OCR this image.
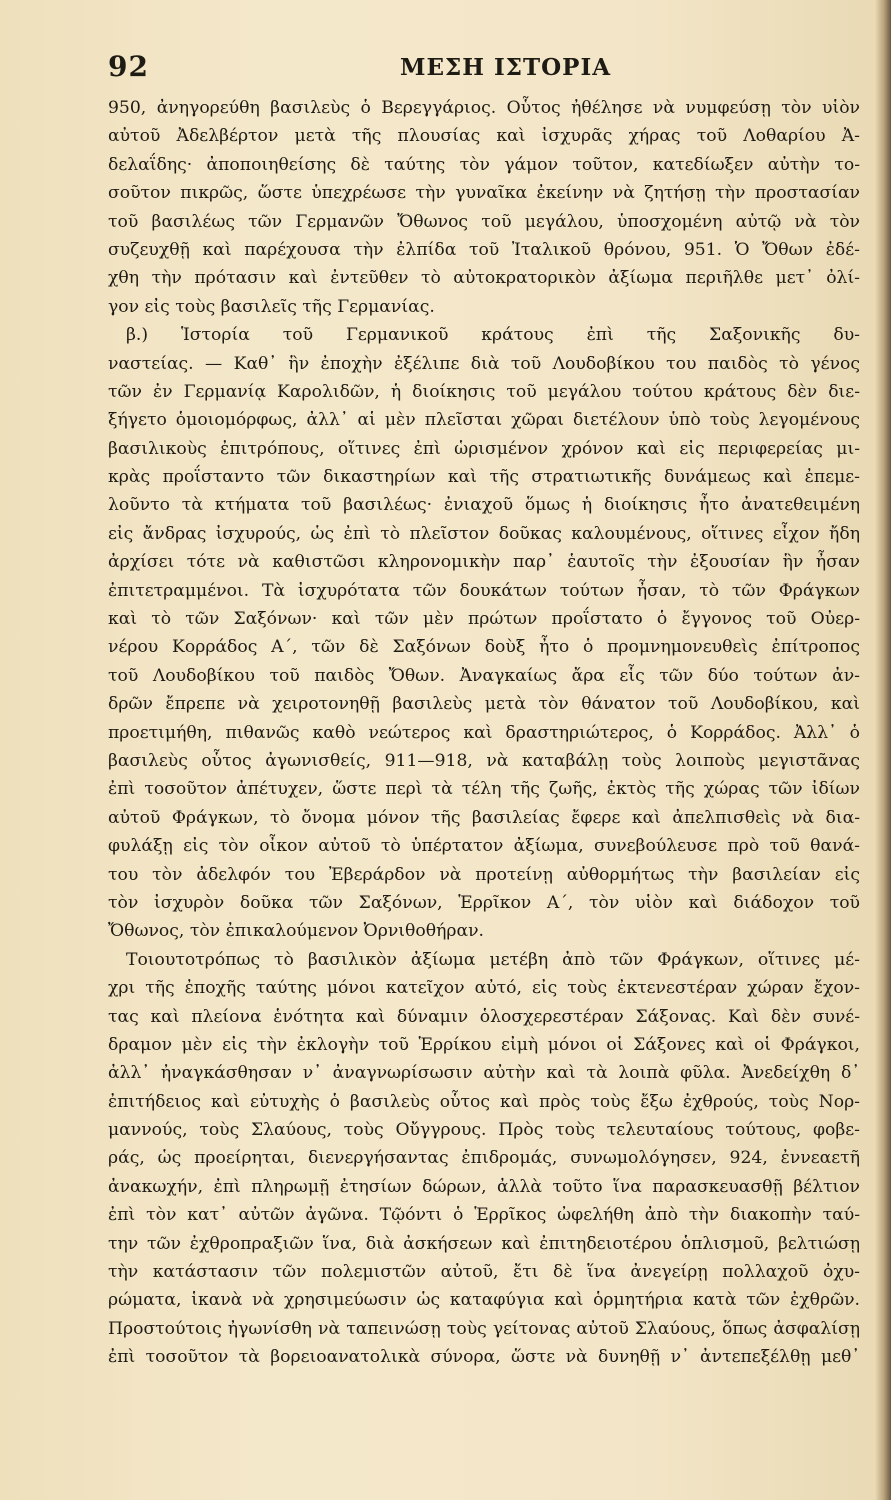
92	ΜΕΣΗ ΙΣΤΟΡΙΑ
950, ἀνηγορεύθη βασιλεὺς ὁ Βερεγγάριος. Οὗτος ἠθέλησε νὰ νυμφεύσῃ τὸν υἱὸν
αὐτοῦ Ἀδελβέρτον μετὰ τῆς πλουσίας καὶ ἰσχυρᾶς χήρας τοῦ Λοθαρίου Ἀ-
δελαΐδης· ἀποποιηθείσης δὲ ταύτης τὸν γάμον τοῦτον, κατεδίωξεν αὐτὴν το-
σοῦτον πικρῶς, ὥστε ὑπεχρέωσε τὴν γυναῖκα ἐκείνην νὰ ζητήσῃ τὴν προστασίαν
τοῦ βασιλέως τῶν Γερμανῶν Ὄθωνος τοῦ μεγάλου, ὑποσχομένη αὐτῷ νὰ τὸν
συζευχθῇ καὶ παρέχουσα τὴν ἐλπίδα τοῦ Ἰταλικοῦ θρόνου, 951. Ὁ Ὄθων ἐδέ-
χθη τὴν πρότασιν καὶ ἐντεῦθεν τὸ αὐτοκρατορικὸν ἀξίωμα περιῆλθε μετ᾽ ὀλί-
γον εἰς τοὺς βασιλεῖς τῆς Γερμανίας.
β.) Ἱστορία τοῦ Γερμανικοῦ κράτους ἐπὶ τῆς Σαξονικῆς δυ-
ναστείας. — Καθ᾽ ἣν ἐποχὴν ἐξέλιπε διὰ τοῦ Λουδοβίκου του παιδὸς τὸ γένος
τῶν ἐν Γερμανίᾳ Καρολιδῶν, ἡ διοίκησις τοῦ μεγάλου τούτου κράτους δὲν διε-
ξήγετο ὁμοιομόρφως, ἀλλ᾽ αἱ μὲν πλεῖσται χῶραι διετέλουν ὑπὸ τοὺς λεγομένους
βασιλικοὺς ἐπιτρόπους, οἵτινες ἐπὶ ὡρισμένον χρόνον καὶ εἰς περιφερείας μι-
κρὰς προΐσταντο τῶν δικαστηρίων καὶ τῆς στρατιωτικῆς δυνάμεως καὶ ἐπεμε-
λοῦντο τὰ κτήματα τοῦ βασιλέως· ἐνιαχοῦ ὅμως ἡ διοίκησις ἦτο ἀνατεθειμένη
εἰς ἄνδρας ἰσχυρούς, ὡς ἐπὶ τὸ πλεῖστον δοῦκας καλουμένους, οἵτινες εἶχον ἤδη
ἀρχίσει τότε νὰ καθιστῶσι κληρονομικὴν παρ᾽ ἑαυτοῖς τὴν ἐξουσίαν ἣν ἦσαν
ἐπιτετραμμένοι. Τὰ ἰσχυρότατα τῶν δουκάτων τούτων ἦσαν, τὸ τῶν Φράγκων
καὶ τὸ τῶν Σαξόνων· καὶ τῶν μὲν πρώτων προΐστατο ὁ ἔγγονος τοῦ Οὐερ-
νέρου Κορράδος Α΄, τῶν δὲ Σαξόνων δοὺξ ἦτο ὁ προμνημονευθεὶς ἐπίτροπος
τοῦ Λουδοβίκου τοῦ παιδὸς Ὄθων. Ἀναγκαίως ἄρα εἷς τῶν δύο τούτων ἀν-
δρῶν ἔπρεπε νὰ χειροτονηθῇ βασιλεὺς μετὰ τὸν θάνατον τοῦ Λουδοβίκου, καὶ
προετιμήθη, πιθανῶς καθὸ νεώτερος καὶ δραστηριώτερος, ὁ Κορράδος. Ἀλλ᾽ ὁ
βασιλεὺς οὗτος ἀγωνισθείς, 911—918, νὰ καταβάλῃ τοὺς λοιποὺς μεγιστᾶνας
ἐπὶ τοσοῦτον ἀπέτυχεν, ὥστε περὶ τὰ τέλη τῆς ζωῆς, ἐκτὸς τῆς χώρας τῶν ἰδίων
αὐτοῦ Φράγκων, τὸ ὄνομα μόνον τῆς βασιλείας ἔφερε καὶ ἀπελπισθεὶς νὰ δια-
φυλάξῃ εἰς τὸν οἶκον αὐτοῦ τὸ ὑπέρτατον ἀξίωμα, συνεβούλευσε πρὸ τοῦ θανά-
του τὸν ἀδελφόν του Ἐβεράρδον νὰ προτείνῃ αὐθορμήτως τὴν βασιλείαν εἰς
τὸν ἰσχυρὸν δοῦκα τῶν Σαξόνων, Ἑρρῖκον Α΄, τὸν υἱὸν καὶ διάδοχον τοῦ
Ὄθωνος, τὸν ἐπικαλούμενον Ὀρνιθοθήραν.
Τοιουτοτρόπως τὸ βασιλικὸν ἀξίωμα μετέβη ἀπὸ τῶν Φράγκων, οἵτινες μέ-
χρι τῆς ἐποχῆς ταύτης μόνοι κατεῖχον αὐτό, εἰς τοὺς ἐκτενεστέραν χώραν ἔχον-
τας καὶ πλείονα ἑνότητα καὶ δύναμιν ὁλοσχερεστέραν Σάξονας. Καὶ δὲν συνέ-
δραμον μὲν εἰς τὴν ἐκλογὴν τοῦ Ἑρρίκου εἰμὴ μόνοι οἱ Σάξονες καὶ οἱ Φράγκοι,
ἀλλ᾽ ἠναγκάσθησαν ν᾽ ἀναγνωρίσωσιν αὐτὴν καὶ τὰ λοιπὰ φῦλα. Ἀνεδείχθη δ᾽
ἐπιτήδειος καὶ εὐτυχὴς ὁ βασιλεὺς οὗτος καὶ πρὸς τοὺς ἔξω ἐχθρούς, τοὺς Νορ-
μαννούς, τοὺς Σλαύους, τοὺς Οὔγγρους. Πρὸς τοὺς τελευταίους τούτους, φοβε-
ράς, ὡς προείρηται, διενεργήσαντας ἐπιδρομάς, συνωμολόγησεν, 924, ἐννεαετῆ
ἀνακωχήν, ἐπὶ πληρωμῇ ἐτησίων δώρων, ἀλλὰ τοῦτο ἵνα παρασκευασθῇ βέλτιον
ἐπὶ τὸν κατ᾽ αὐτῶν ἀγῶνα. Τῷόντι ὁ Ἑρρῖκος ὠφελήθη ἀπὸ τὴν διακοπὴν ταύ-
την τῶν ἐχθροπραξιῶν ἵνα, διὰ ἀσκήσεων καὶ ἐπιτηδειοτέρου ὁπλισμοῦ, βελτιώσῃ
τὴν κατάστασιν τῶν πολεμιστῶν αὐτοῦ, ἔτι δὲ ἵνα ἀνεγείρῃ πολλαχοῦ ὀχυ-
ρώματα, ἱκανὰ νὰ χρησιμεύωσιν ὡς καταφύγια καὶ ὁρμητήρια κατὰ τῶν ἐχθρῶν.
Προστούτοις ἠγωνίσθη νὰ ταπεινώσῃ τοὺς γείτονας αὐτοῦ Σλαύους, ὅπως ἀσφαλίσῃ
ἐπὶ τοσοῦτον τὰ βορειοανατολικὰ σύνορα, ὥστε νὰ δυνηθῇ ν᾽ ἀντεπεξέλθῃ μεθ᾽
